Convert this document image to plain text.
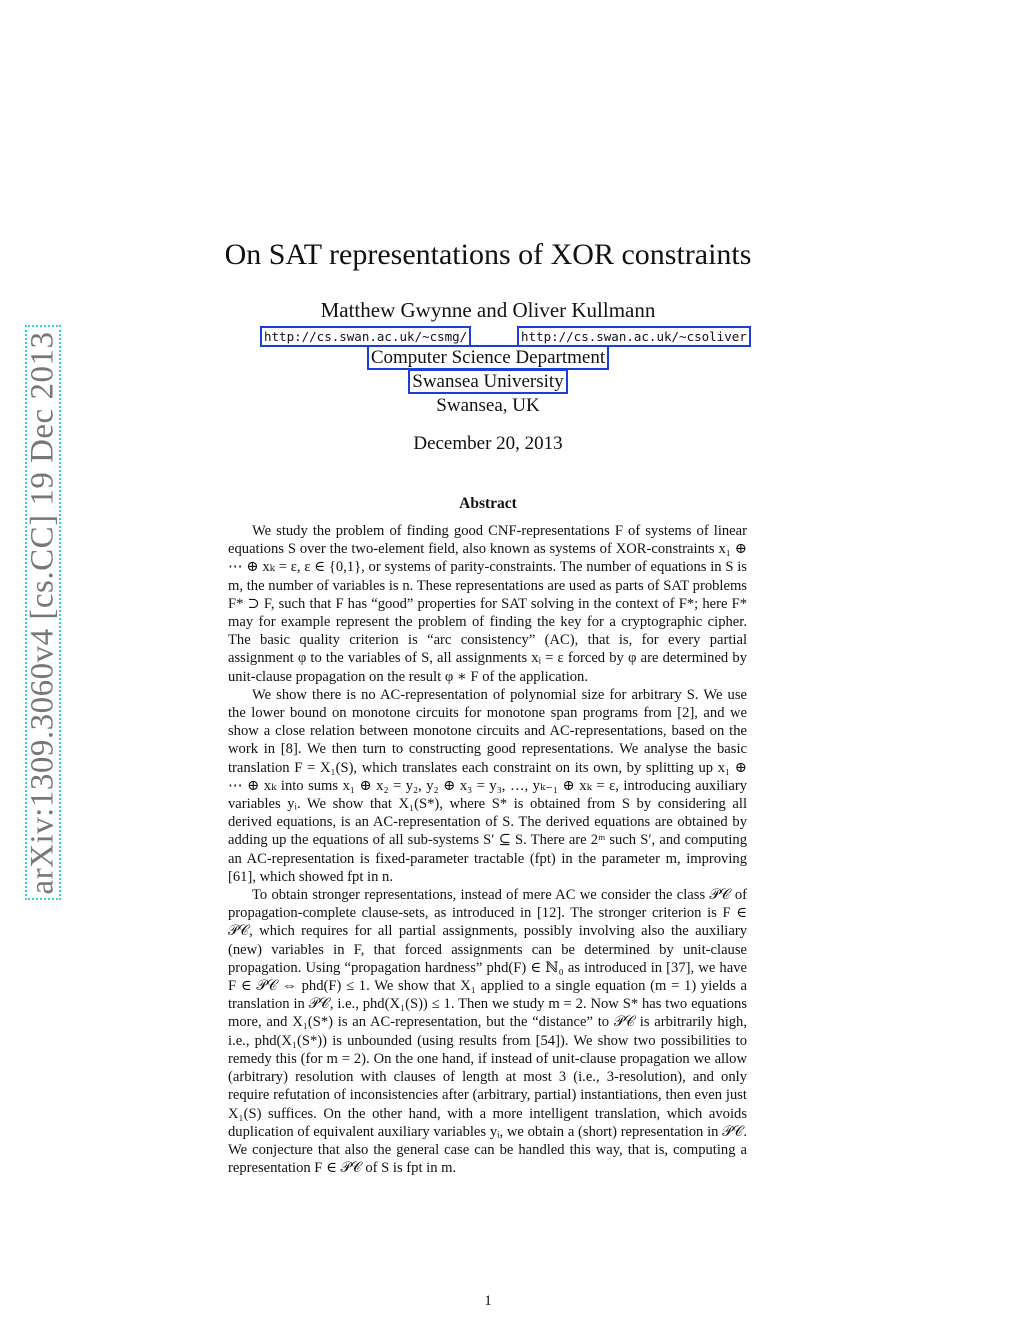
arXiv:1309.3060v4 [cs.CC] 19 Dec 2013
On SAT representations of XOR constraints
Matthew Gwynne and Oliver Kullmann
http://cs.swan.ac.uk/~csmg/	http://cs.swan.ac.uk/~csoliver
Computer Science Department
Swansea University
Swansea, UK
December 20, 2013
Abstract

We study the problem of finding good CNF-representations F of systems of linear equations S over the two-element field, also known as systems of XOR-constraints x₁ ⊕ ⋯ ⊕ xₖ = ε, ε ∈ {0,1}, or systems of parity-constraints. The number of equations in S is m, the number of variables is n. These representations are used as parts of SAT problems F* ⊃ F, such that F has “good” properties for SAT solving in the context of F*; here F* may for example represent the problem of finding the key for a cryptographic cipher. The basic quality criterion is “arc consistency” (AC), that is, for every partial assignment φ to the variables of S, all assignments xᵢ = ε forced by φ are determined by unit-clause propagation on the result φ ∗ F of the application.

We show there is no AC-representation of polynomial size for arbitrary S. We use the lower bound on monotone circuits for monotone span programs from [2], and we show a close relation between monotone circuits and AC-representations, based on the work in [8]. We then turn to constructing good representations. We analyse the basic translation F = X₁(S), which translates each constraint on its own, by splitting up x₁ ⊕ ⋯ ⊕ xₖ into sums x₁ ⊕ x₂ = y₂, y₂ ⊕ x₃ = y₃, …, yₖ₋₁ ⊕ xₖ = ε, introducing auxiliary variables yᵢ. We show that X₁(S*), where S* is obtained from S by considering all derived equations, is an AC-representation of S. The derived equations are obtained by adding up the equations of all sub-systems S′ ⊆ S. There are 2ᵐ such S′, and computing an AC-representation is fixed-parameter tractable (fpt) in the parameter m, improving [61], which showed fpt in n.

To obtain stronger representations, instead of mere AC we consider the class 𝒫𝒞 of propagation-complete clause-sets, as introduced in [12]. The stronger criterion is F ∈ 𝒫𝒞, which requires for all partial assignments, possibly involving also the auxiliary (new) variables in F, that forced assignments can be determined by unit-clause propagation. Using “propagation hardness” phd(F) ∈ ℕ₀ as introduced in [37], we have F ∈ 𝒫𝒞 ⇔ phd(F) ≤ 1. We show that X₁ applied to a single equation (m = 1) yields a translation in 𝒫𝒞, i.e., phd(X₁(S)) ≤ 1. Then we study m = 2. Now S* has two equations more, and X₁(S*) is an AC-representation, but the “distance” to 𝒫𝒞 is arbitrarily high, i.e., phd(X₁(S*)) is unbounded (using results from [54]). We show two possibilities to remedy this (for m = 2). On the one hand, if instead of unit-clause propagation we allow (arbitrary) resolution with clauses of length at most 3 (i.e., 3-resolution), and only require refutation of inconsistencies after (arbitrary, partial) instantiations, then even just X₁(S) suffices. On the other hand, with a more intelligent translation, which avoids duplication of equivalent auxiliary variables yᵢ, we obtain a (short) representation in 𝒫𝒞. We conjecture that also the general case can be handled this way, that is, computing a representation F ∈ 𝒫𝒞 of S is fpt in m.

1
